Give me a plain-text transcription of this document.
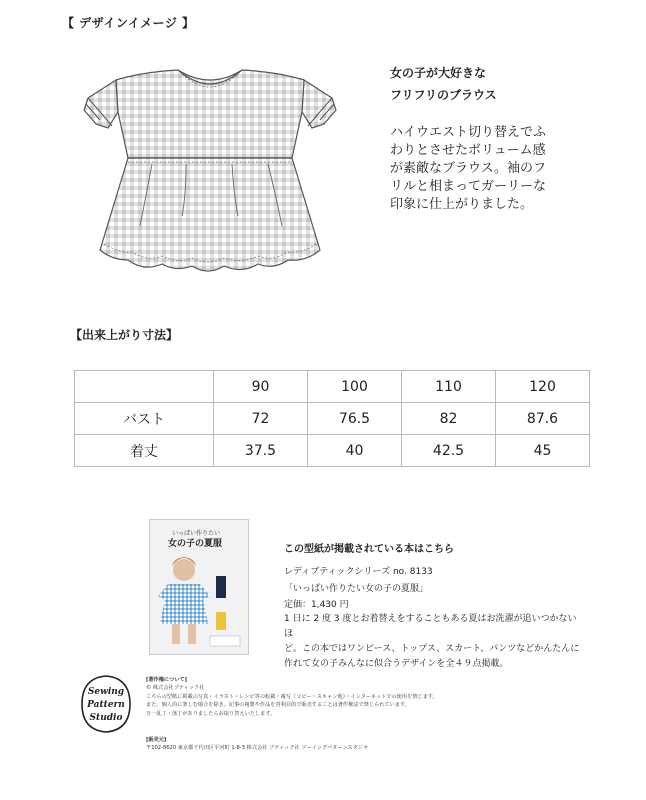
【 デザインイメージ 】
女の子が大好きな
フリフリのブラウス
ハイウエスト切り替えでふ
わりとさせたボリューム感
が素敵なブラウス。袖のフ
リルと相まってガーリーな
印象に仕上がりました。
【出来上がり寸法】
	90	100	110	120
バスト	72	76.5	82	87.6
着丈	37.5	40	42.5	45
いっぱい作りたい
女の子の夏服	この型紙が掲載されている本はこちら
レディブティックシリーズ no. 8133
「いっぱい作りたい女の子の夏服」
定価：1,430 円
1 日に 2 度 3 度とお着替えをすることもある夏はお洗濯が追いつかないほ
ど。この本ではワンピース、トップス、スカート、パンツなどかんたんに
作れて女の子みんなに似合うデザインを全４９点掲載。
Sewing
Pattern
Studio
[著作権について]
© 株式会社ブティック社
こちらの型紙に掲載の写真・イラスト・レシピ等の転載・複写（コピー・スキャン他）・インターネットでの使用を禁じます。
また、個人的に楽しむ場合を除き、記事の複製や作品を営利目的で販売することは著作権法で禁じられています。
万一乱丁・落丁がありましたらお取り替えいたします。
[販売元]
〒102-8620 東京都千代田区平河町 1-8-3 株式会社 ブティック社 ソーイングパターンスタジオ
